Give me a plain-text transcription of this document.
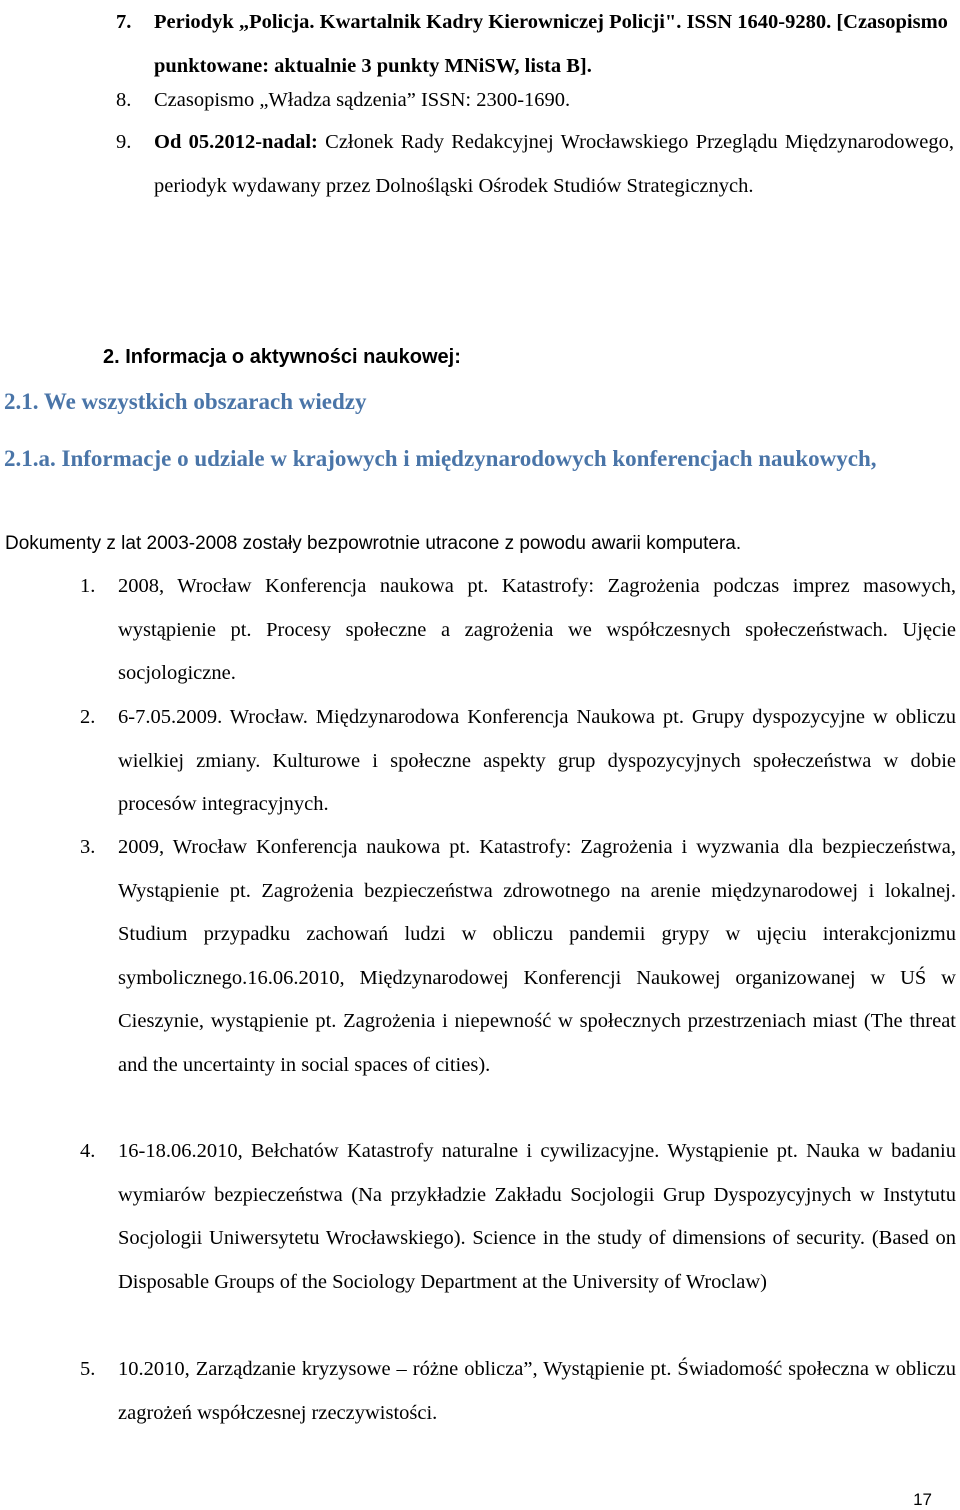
7. Periodyk „Policja. Kwartalnik Kadry Kierowniczej Policji". ISSN 1640-9280. [Czasopismo punktowane: aktualnie 3 punkty MNiSW, lista B].
8. Czasopismo „Władza sądzenia” ISSN: 2300-1690.
9. Od 05.2012-nadal: Członek Rady Redakcyjnej Wrocławskiego Przeglądu Międzynarodowego, periodyk wydawany przez Dolnośląski Ośrodek Studiów Strategicznych.
2. Informacja o aktywności naukowej:
2.1. We wszystkich obszarach wiedzy
2.1.a. Informacje o udziale w krajowych i międzynarodowych konferencjach naukowych,
Dokumenty z lat 2003-2008 zostały bezpowrotnie utracone z powodu awarii komputera.
1. 2008, Wrocław Konferencja naukowa pt. Katastrofy: Zagrożenia podczas imprez masowych, wystąpienie pt. Procesy społeczne a zagrożenia we współczesnych społeczeństwach. Ujęcie socjologiczne.
2. 6-7.05.2009. Wrocław. Międzynarodowa Konferencja Naukowa pt. Grupy dyspozycyjne w obliczu wielkiej zmiany. Kulturowe i społeczne aspekty grup dyspozycyjnych społeczeństwa w dobie procesów integracyjnych.
3. 2009, Wrocław Konferencja naukowa pt. Katastrofy: Zagrożenia i wyzwania dla bezpieczeństwa, Wystąpienie pt. Zagrożenia bezpieczeństwa zdrowotnego na arenie międzynarodowej i lokalnej. Studium przypadku zachowań ludzi w obliczu pandemii grypy w ujęciu interakcjonizmu symbolicznego.16.06.2010, Międzynarodowej Konferencji Naukowej organizowanej w UŚ w Cieszynie, wystąpienie pt. Zagrożenia i niepewność w społecznych przestrzeniach miast (The threat and the uncertainty in social spaces of cities).
4. 16-18.06.2010, Bełchatów Katastrofy naturalne i cywilizacyjne. Wystąpienie pt. Nauka w badaniu wymiarów bezpieczeństwa (Na przykładzie Zakładu Socjologii Grup Dyspozycyjnych w Instytutu Socjologii Uniwersytetu Wrocławskiego). Science in the study of dimensions of security. (Based on Disposable Groups of the Sociology Department at the University of Wroclaw)
5. 10.2010, Zarządzanie kryzysowe – różne oblicza”, Wystąpienie pt. Świadomość społeczna w obliczu zagrożeń współczesnej rzeczywistości.
17
